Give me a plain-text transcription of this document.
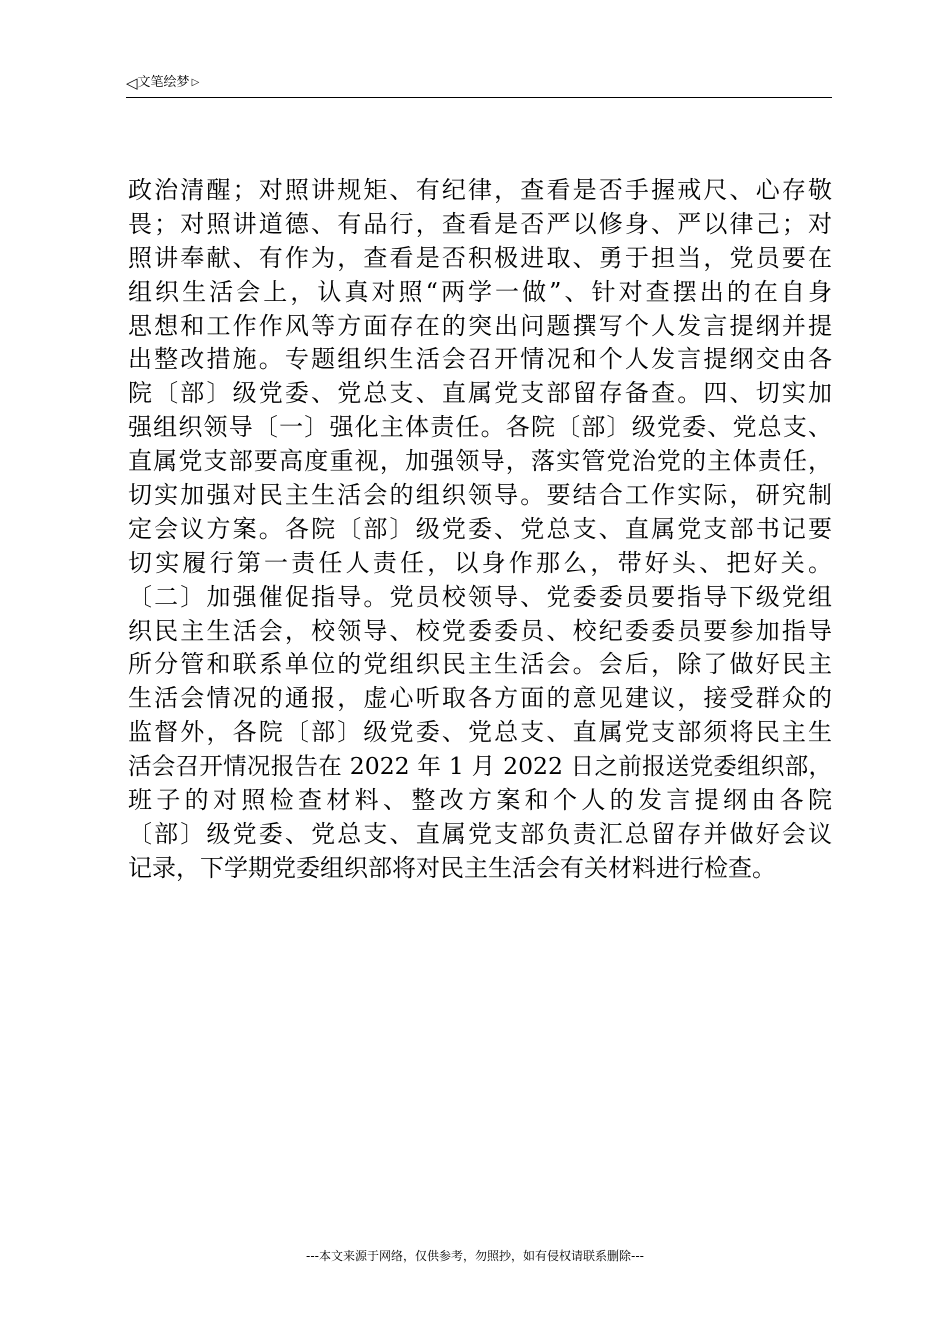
◁ 文笔绘梦 ▷
政治清醒；对照讲规矩、有纪律，查看是否手握戒尺、心存敬
畏；对照讲道德、有品行，查看是否严以修身、严以律己；对
照讲奉献、有作为，查看是否积极进取、勇于担当，党员要在
组织生活会上，认真对照“两学一做”、针对查摆出的在自身
思想和工作作风等方面存在的突出问题撰写个人发言提纲并提
出整改措施。专题组织生活会召开情况和个人发言提纲交由各
院〔部〕级党委、党总支、直属党支部留存备查。四、切实加
强组织领导〔一〕强化主体责任。各院〔部〕级党委、党总支、
直属党支部要高度重视，加强领导，落实管党治党的主体责任，
切实加强对民主生活会的组织领导。要结合工作实际，研究制
定会议方案。各院〔部〕级党委、党总支、直属党支部书记要
切实履行第一责任人责任，以身作那么，带好头、把好关。
〔二〕加强催促指导。党员校领导、党委委员要指导下级党组
织民主生活会，校领导、校党委委员、校纪委委员要参加指导
所分管和联系单位的党组织民主生活会。会后，除了做好民主
生活会情况的通报，虚心听取各方面的意见建议，接受群众的
监督外，各院〔部〕级党委、党总支、直属党支部须将民主生
活会召开情况报告在 2022 年 1 月 2022 日之前报送党委组织部，
班子的对照检查材料、整改方案和个人的发言提纲由各院
〔部〕级党委、党总支、直属党支部负责汇总留存并做好会议
记录，下学期党委组织部将对民主生活会有关材料进行检查。
---本文来源于网络，仅供参考，勿照抄，如有侵权请联系删除---
